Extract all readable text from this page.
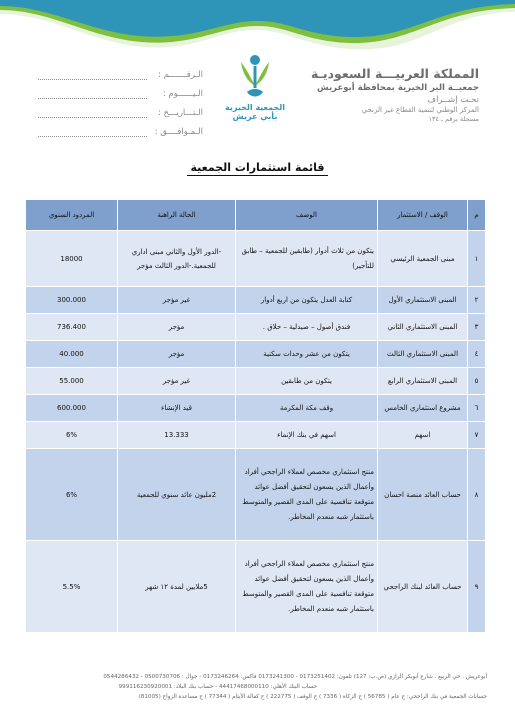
المملكة العربيـــة السعوديـة
جمعيــة البر الخيرية بمحافظة أبوعريش
تحـت إشــراف
المركز الوطني لتنمية القطاع غير الربحي
مسجلة برقم ـ ١٣٤
الجمعية الخيرية
بأبي عريش
الـرقـــــــم :
الـيــــــوم :
الـتـــاريـــخ :
الـمـوافــــق :
قائمة استثمارات الجمعية
م	الوقف / الاستثمار	الوصف	الحالة الراهنة	المردود السنوي
١	مبنى الجمعية الرئيسي	يتكون من ثلاث أدوار (طابقين للجمعية – طابق للتأجير)	-الدور الأول والثاني مبنى اداري للجمعية.-الدور الثالث مؤجر	18000
٢	المبنى الاستثماري الأول	كتابة العدل يتكون من اربع أدوار	غير مؤجر	300.000
٣	المبنى الاستثماري الثاني	فندق أصول – صيدلية – حلاق .	مؤجر	736.400
٤	المبنى الاستثماري الثالث	يتكون من عشر وحدات سكنية	مؤجر	40.000
٥	المبنى الاستثماري الرابع	يتكون من طابقين	غير مؤجر	55.000
٦	مشروع استثماري الخامس	وقف مكة المكرمة	قيد الإنشاء	600.000
٧	اسهم	اسهم في بنك الإنماء	13.333	6%
٨	حساب العائد منصة احسان	منتج استثماري مخصص لعملاء الراجحي أفراد وأعمال الذين يسعون لتحقيق أفضل عوائد متوقعة تنافسية على المدى القصير والمتوسط باستثمار شبه منعدم المخاطر.	2مليون عائد سنوي للجمعية	6%
٩	حساب العائد لبنك الراجحي	منتج استثماري مخصص لعملاء الراجحي أفراد وأعمال الذين يسعون لتحقيق أفضل عوائد متوقعة تنافسية على المدى القصير والمتوسط باستثمار شبه منعدم المخاطر.	5ملايين لمدة ١٢ شهر	5.5%
أبوعريش . حي الربيع . شارع أبوبكر الرازي (ص.ب: 127) تلفون: 0173251402 - 0173241300 فاكس: 0173246264 - جوال : 0500730706 - 0544286432
حساب البنك الأهلي: 44417468000110 - حساب بنك البلاد: 999116230920001
حسابات الجمعية في بنك الراجحي: ح عام ( 56785 ) ح الزكاة ( 7336 ) ح الوقف ( 222775 ) ح كفالة الأيتام ( 77344 ) ح مساعدة الزواج (81005)
